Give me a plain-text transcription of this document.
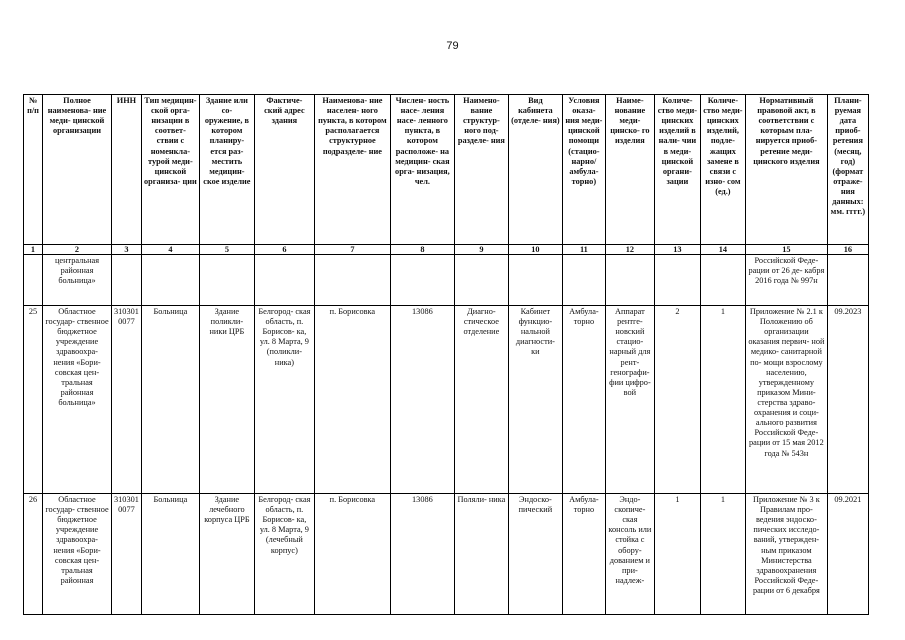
79
№ п/п	Полное наименова- ние меди- цинской организации	ИНН	Тип медицин- ской орга- низации в соответ- ствии с номенкла- турой меди- цинской организа- ции	Здание или со- оружение, в котором планиру- ется раз- местить медицин- ское изделие	Фактиче- ский адрес здания	Наименова- ние населен- ного пункта, в котором располагается структурное подразделе- ние	Числен- ность насе- ления насе- ленного пункта, в котором расположе- на медицин- ская орга- низация, чел.	Наимено- вание структур- ного под- разделе- ния	Вид кабинета (отделе- ния)	Условия оказа- ния меди- цинской помощи (стацио- нарно/ амбула- торно)	Наиме- нование меди- цинско- го изделия	Количе- ство меди- цинских изделий в нали- чии в меди- цинской органи- зации	Количе- ство меди- цинских изделий, подле- жащих замене в связи с изно- сом (ед.)	Нормативный правовой акт, в соответствии с которым пла- нируется приоб- ретение меди- цинского изделия	Плани- руемая дата приоб- ретения (месяц, год) (формат отраже- ния данных: мм. гггг.)
1	2	3	4	5	6	7	8	9	10	11	12	13	14	15	16
	центральная районная больница»													Российской Феде- рации от 26 де- кабря 2016 года № 997н	
25	Областное государ- ственное бюджетное учреждение здравоохра- нения «Бори- совская цен- тральная районная больница»	310301 0077	Больница	Здание поликли- ники ЦРБ	Белгород- ская область, п. Борисов- ка, ул. 8 Марта, 9 (поликли- ника)	п. Борисовка	13086	Диагно- стическое отделение	Кабинет функцио- нальной диагности- ки	Амбула- торно	Аппарат рентге- новский стацио- нарный для рент- генографи- фии цифро- вой	2	1	Приложение № 2.1 к Положению об организации оказания первич- ной медико- санитарной по- мощи взрослому населению, утвержденному приказом Мини- стерства здраво- охранения и соци- ального развития Российской Феде- рации от 15 мая 2012 года № 543н	09.2023
26	Областное государ- ственное бюджетное учреждение здравоохра- нения «Бори- совская цен- тральная районная	310301 0077	Больница	Здание лечебного корпуса ЦРБ	Белгород- ская область, п. Борисов- ка, ул. 8 Марта, 9 (лечебный корпус)	п. Борисовка	13086	Поляли- ника	Эндоско- пический	Амбула- торно	Эндо- скопиче- ская консоль или стойка с обору- дованием и при- надлеж-	1	1	Приложение № 3 к Правилам про- ведения эндоско- пических исследо- ваний, утвержден- ным приказом Министерства здравоохранения Российской Феде- рации от 6 декабря	09.2021
